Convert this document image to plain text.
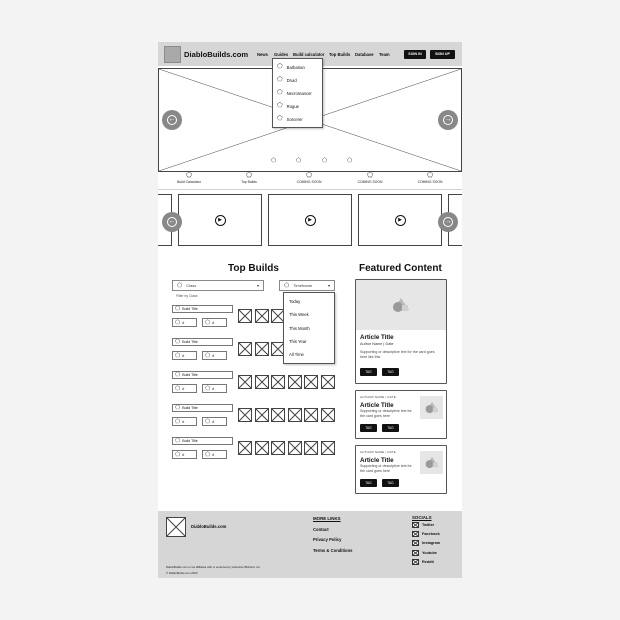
DiabloBuilds.com News Guides Build calculator Top Builds Database Team	SIGN IN	SIGN UP
←	→
⬠	⬠	⬠	⬠
⬠ Barbarian
⬠ Druid
⬠ Necromancer
⬠ Rogue
⬠ Sorcerer
⬠
Build Calculator
⬠
Top Builds
⬠
COMING SOON
⬠
COMING SOON
⬠
COMING SOON
▶	▶	▶
←	→
Top Builds
⬠ Class	▾
Filter by Class
⬠ Timeframe	▾
⬠ Build Title
⬠ #	⬠ #
⬠ Build Title
⬠ #	⬠ #
⬠ Build Title
⬠ #	⬠ #
⬠ Build Title
⬠ #	⬠ #
⬠ Build Title
⬠ #	⬠ #
Today
This Week
This Month
This Year
All Time
Featured Content
Article Title
Author Name | Date
Supporting or descriptive text for the card goes here like this
TAG	TAG
AUTHOR NAME | DATE
Article Title
Supporting or descriptive text for the card goes here
TAG	TAG
AUTHOR NAME | DATE
Article Title
Supporting or descriptive text for the card goes here
TAG	TAG
DiabloBuilds.com
MORE LINKS
Contact
Privacy Policy
Terms & Conditions
SOCIALS
Twitter
Facebook
Instagram
Youtube
Reddit
DiabloBuilds.com is not affiliated with or endorsed by Activision Blizzard, Inc.
© DiabloBuilds.com 2023
